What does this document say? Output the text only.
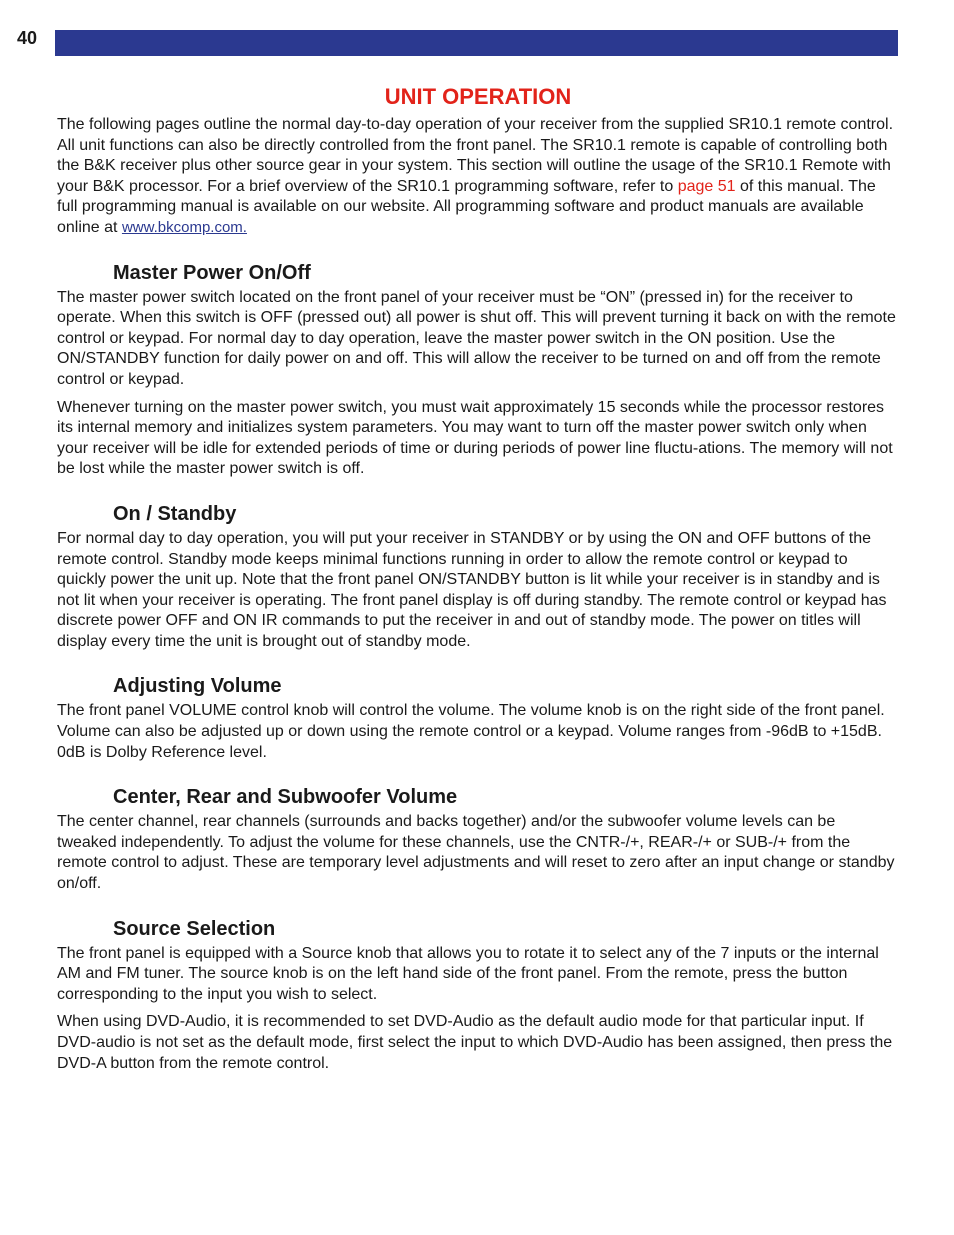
40
UNIT OPERATION

The following pages outline the normal day-to-day operation of your receiver from the supplied SR10.1 remote control. All unit functions can also be directly controlled from the front panel. The SR10.1 remote is capable of controlling both the B&K receiver plus other source gear in your system. This section will outline the usage of the SR10.1 Remote with your B&K processor. For a brief overview of the SR10.1 programming software, refer to page 51 of this manual. The full programming manual is available on our website. All programming software and product manuals are available online at www.bkcomp.com.

Master Power On/Off

The master power switch located on the front panel of your receiver must be “ON” (pressed in) for the receiver to operate. When this switch is OFF (pressed out) all power is shut off. This will prevent turning it back on with the remote control or keypad. For normal day to day operation, leave the master power switch in the ON position. Use the ON/STANDBY function for daily power on and off. This will allow the receiver to be turned on and off from the remote control or keypad.

Whenever turning on the master power switch, you must wait approximately 15 seconds while the processor restores its internal memory and initializes system parameters. You may want to turn off the master power switch only when your receiver will be idle for extended periods of time or during periods of power line fluctu-ations. The memory will not be lost while the master power switch is off.

On / Standby

For normal day to day operation, you will put your receiver in STANDBY or by using the ON and OFF buttons of the remote control. Standby mode keeps minimal functions running in order to allow the remote control or keypad to quickly power the unit up. Note that the front panel ON/STANDBY button is lit while your receiver is in standby and is not lit when your receiver is operating. The front panel display is off during standby. The remote control or keypad has discrete power OFF and ON IR commands to put the receiver in and out of standby mode. The power on titles will display every time the unit is brought out of standby mode.

Adjusting Volume

The front panel VOLUME control knob will control the volume. The volume knob is on the right side of the front panel. Volume can also be adjusted up or down using the remote control or a keypad. Volume ranges from -96dB to +15dB. 0dB is Dolby Reference level.

Center, Rear and Subwoofer Volume

The center channel, rear channels (surrounds and backs together) and/or the subwoofer volume levels can be tweaked independently. To adjust the volume for these channels, use the CNTR-/+, REAR-/+ or SUB-/+ from the remote control to adjust. These are temporary level adjustments and will reset to zero after an input change or standby on/off.

Source Selection

The front panel is equipped with a Source knob that allows you to rotate it to select any of the 7 inputs or the internal AM and FM tuner. The source knob is on the left hand side of the front panel. From the remote, press the button corresponding to the input you wish to select.

When using DVD-Audio, it is recommended to set DVD-Audio as the default audio mode for that particular input. If DVD-audio is not set as the default mode, first select the input to which DVD-Audio has been assigned, then press the DVD-A button from the remote control.
